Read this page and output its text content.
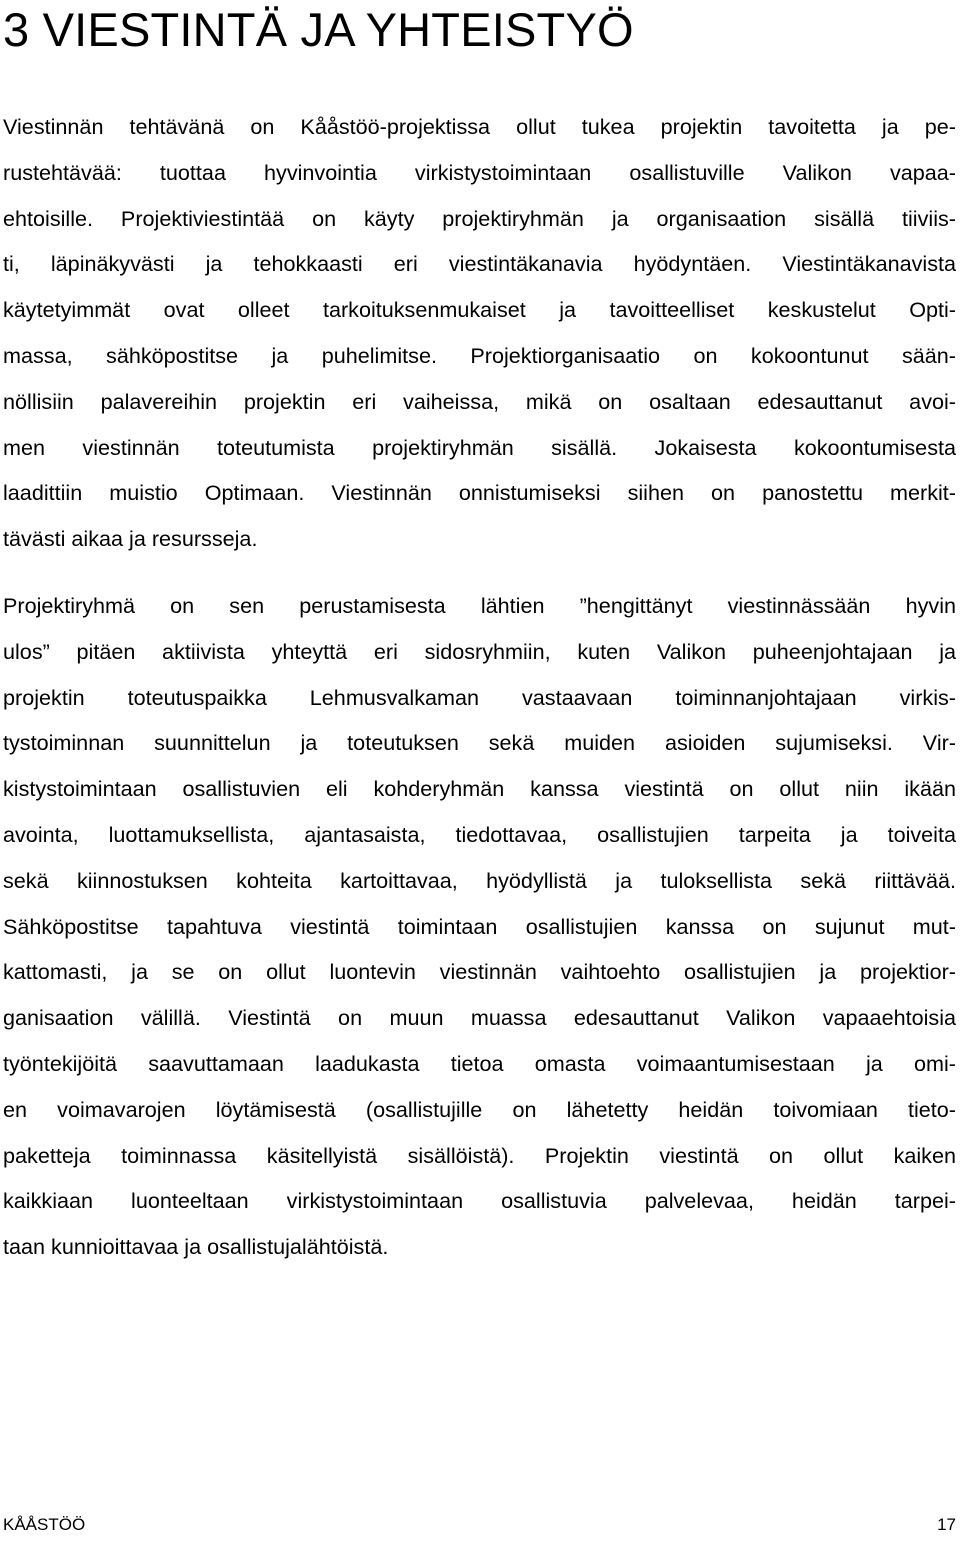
3 VIESTINTÄ JA YHTEISTYÖ
Viestinnän tehtävänä on Kååstöö-projektissa ollut tukea projektin tavoitetta ja pe-
rustehtävää: tuottaa hyvinvointia virkistystoimintaan osallistuville Valikon vapaa-
ehtoisille. Projektiviestintää on käyty projektiryhmän ja organisaation sisällä tiiviis-
ti, läpinäkyvästi ja tehokkaasti eri viestintäkanavia hyödyntäen. Viestintäkanavista
käytetyimmät ovat olleet tarkoituksenmukaiset ja tavoitteelliset keskustelut Opti-
massa, sähköpostitse ja puhelimitse. Projektiorganisaatio on kokoontunut sään-
nöllisiin palavereihin projektin eri vaiheissa, mikä on osaltaan edesauttanut avoi-
men viestinnän toteutumista projektiryhmän sisällä. Jokaisesta kokoontumisesta
laadittiin muistio Optimaan. Viestinnän onnistumiseksi siihen on panostettu merkit-
tävästi aikaa ja resursseja.
Projektiryhmä on sen perustamisesta lähtien ”hengittänyt viestinnässään hyvin
ulos” pitäen aktiivista yhteyttä eri sidosryhmiin, kuten Valikon puheenjohtajaan ja
projektin toteutuspaikka Lehmusvalkaman vastaavaan toiminnanjohtajaan virkis-
tystoiminnan suunnittelun ja toteutuksen sekä muiden asioiden sujumiseksi. Vir-
kistystoimintaan osallistuvien eli kohderyhmän kanssa viestintä on ollut niin ikään
avointa, luottamuksellista, ajantasaista, tiedottavaa, osallistujien tarpeita ja toiveita
sekä kiinnostuksen kohteita kartoittavaa, hyödyllistä ja tuloksellista sekä riittävää.
Sähköpostitse tapahtuva viestintä toimintaan osallistujien kanssa on sujunut mut-
kattomasti, ja se on ollut luontevin viestinnän vaihtoehto osallistujien ja projektior-
ganisaation välillä. Viestintä on muun muassa edesauttanut Valikon vapaaehtoisia
työntekijöitä saavuttamaan laadukasta tietoa omasta voimaantumisestaan ja omi-
en voimavarojen löytämisestä (osallistujille on lähetetty heidän toivomiaan tieto-
paketteja toiminnassa käsitellyistä sisällöistä). Projektin viestintä on ollut kaiken
kaikkiaan luonteeltaan virkistystoimintaan osallistuvia palvelevaa, heidän tarpei-
taan kunnioittavaa ja osallistujalähtöistä.
KÅÅSTÖÖ	17
